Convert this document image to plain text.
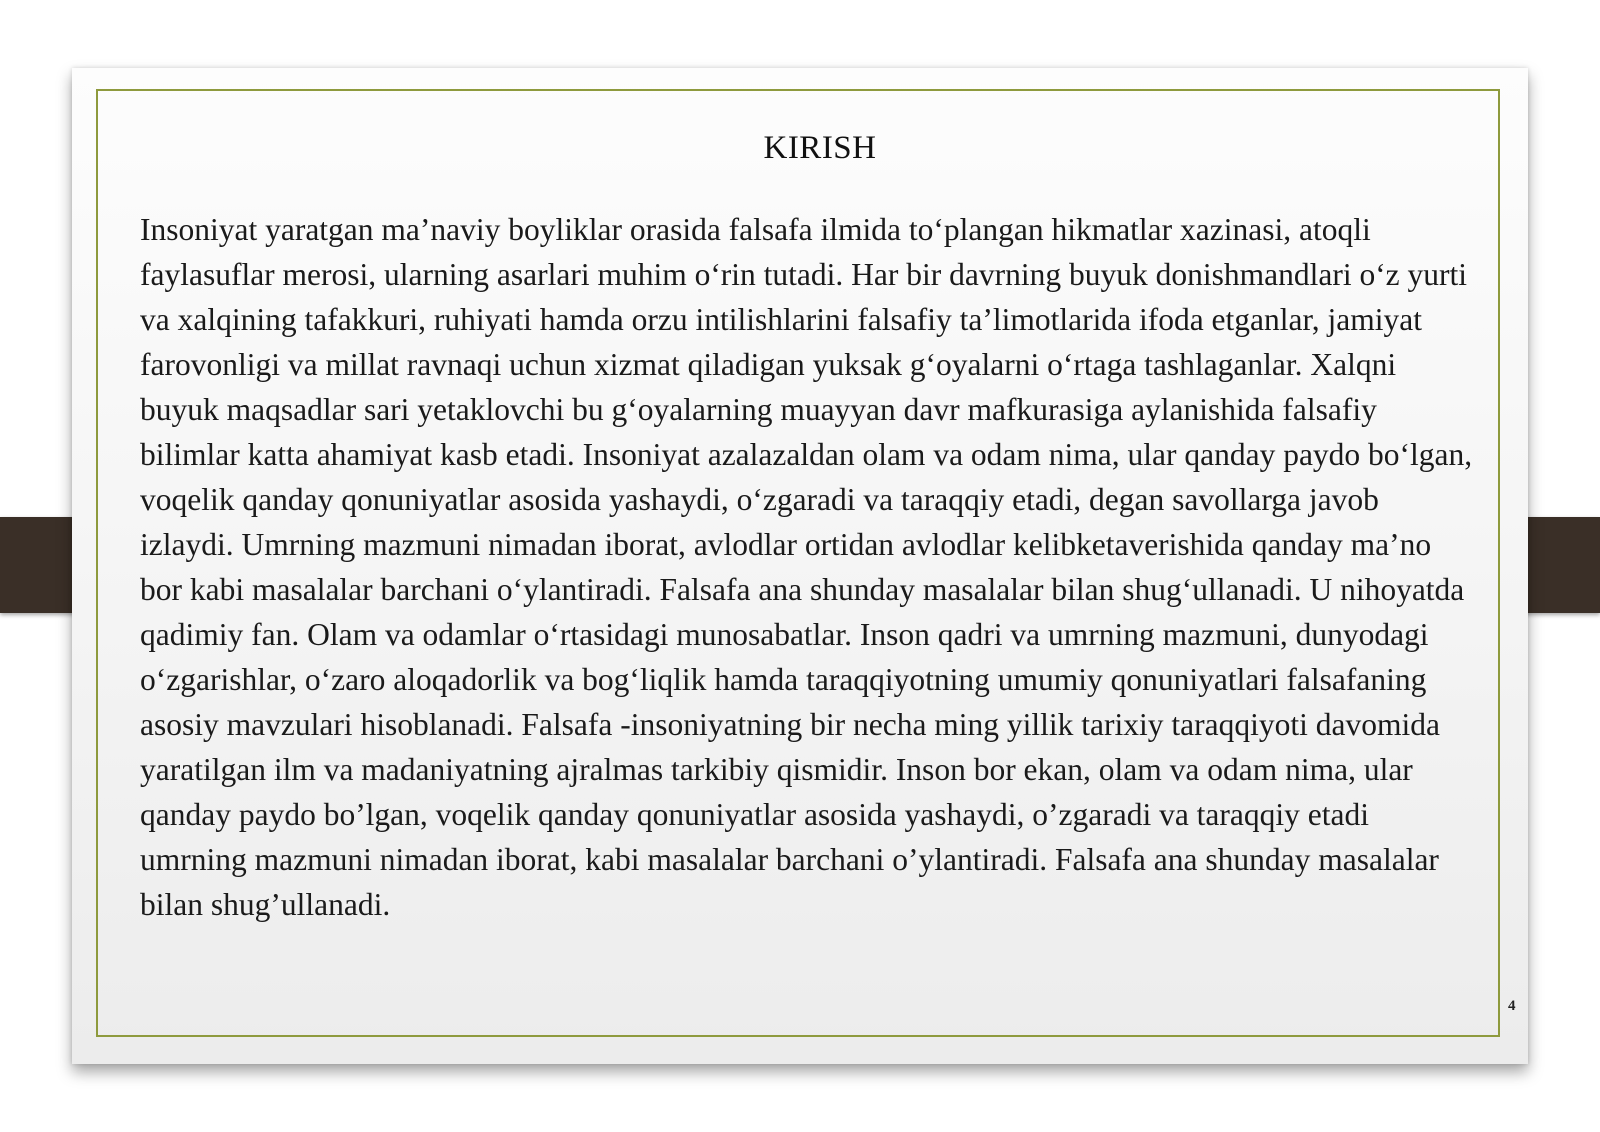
KIRISH

Insoniyat yaratgan ma’naviy boyliklar orasida falsafa ilmida to‘plangan hikmatlar xazinasi, atoqli faylasuflar merosi, ularning asarlari muhim o‘rin tutadi. Har bir davrning buyuk donishmandlari o‘z yurti va xalqining tafakkuri, ruhiyati hamda orzu intilishlarini falsafiy ta’limotlarida ifoda etganlar, jamiyat farovonligi va millat ravnaqi uchun xizmat qiladigan yuksak g‘oyalarni o‘rtaga tashlaganlar. Xalqni buyuk maqsadlar sari yetaklovchi bu g‘oyalarning muayyan davr mafkurasiga aylanishida falsafiy bilimlar katta ahamiyat kasb etadi. Insoniyat azalazaldan olam va odam nima, ular qanday paydo bo‘lgan, voqelik qanday qonuniyatlar asosida yashaydi, o‘zgaradi va taraqqiy etadi, degan savollarga javob izlaydi. Umrning mazmuni nimadan iborat, avlodlar ortidan avlodlar kelibketaverishida qanday ma’no bor kabi masalalar barchani o‘ylantiradi. Falsafa ana shunday masalalar bilan shug‘ullanadi. U nihoyatda qadimiy fan. Olam va odamlar o‘rtasidagi munosabatlar. Inson qadri va umrning mazmuni, dunyodagi o‘zgarishlar, o‘zaro aloqadorlik va bog‘liqlik hamda taraqqiyotning umumiy qonuniyatlari falsafaning asosiy mavzulari hisoblanadi. Falsafa -insoniyatning bir necha ming yillik tarixiy taraqqiyoti davomida yaratilgan ilm va madaniyatning ajralmas tarkibiy qismidir. Inson bor ekan, olam va odam nima, ular qanday paydo bo’lgan, voqelik qanday qonuniyatlar asosida yashaydi, o’zgaradi va taraqqiy etadi umrning mazmuni nimadan iborat, kabi masalalar barchani o’ylantiradi. Falsafa ana shunday masalalar bilan shug’ullanadi.

4
